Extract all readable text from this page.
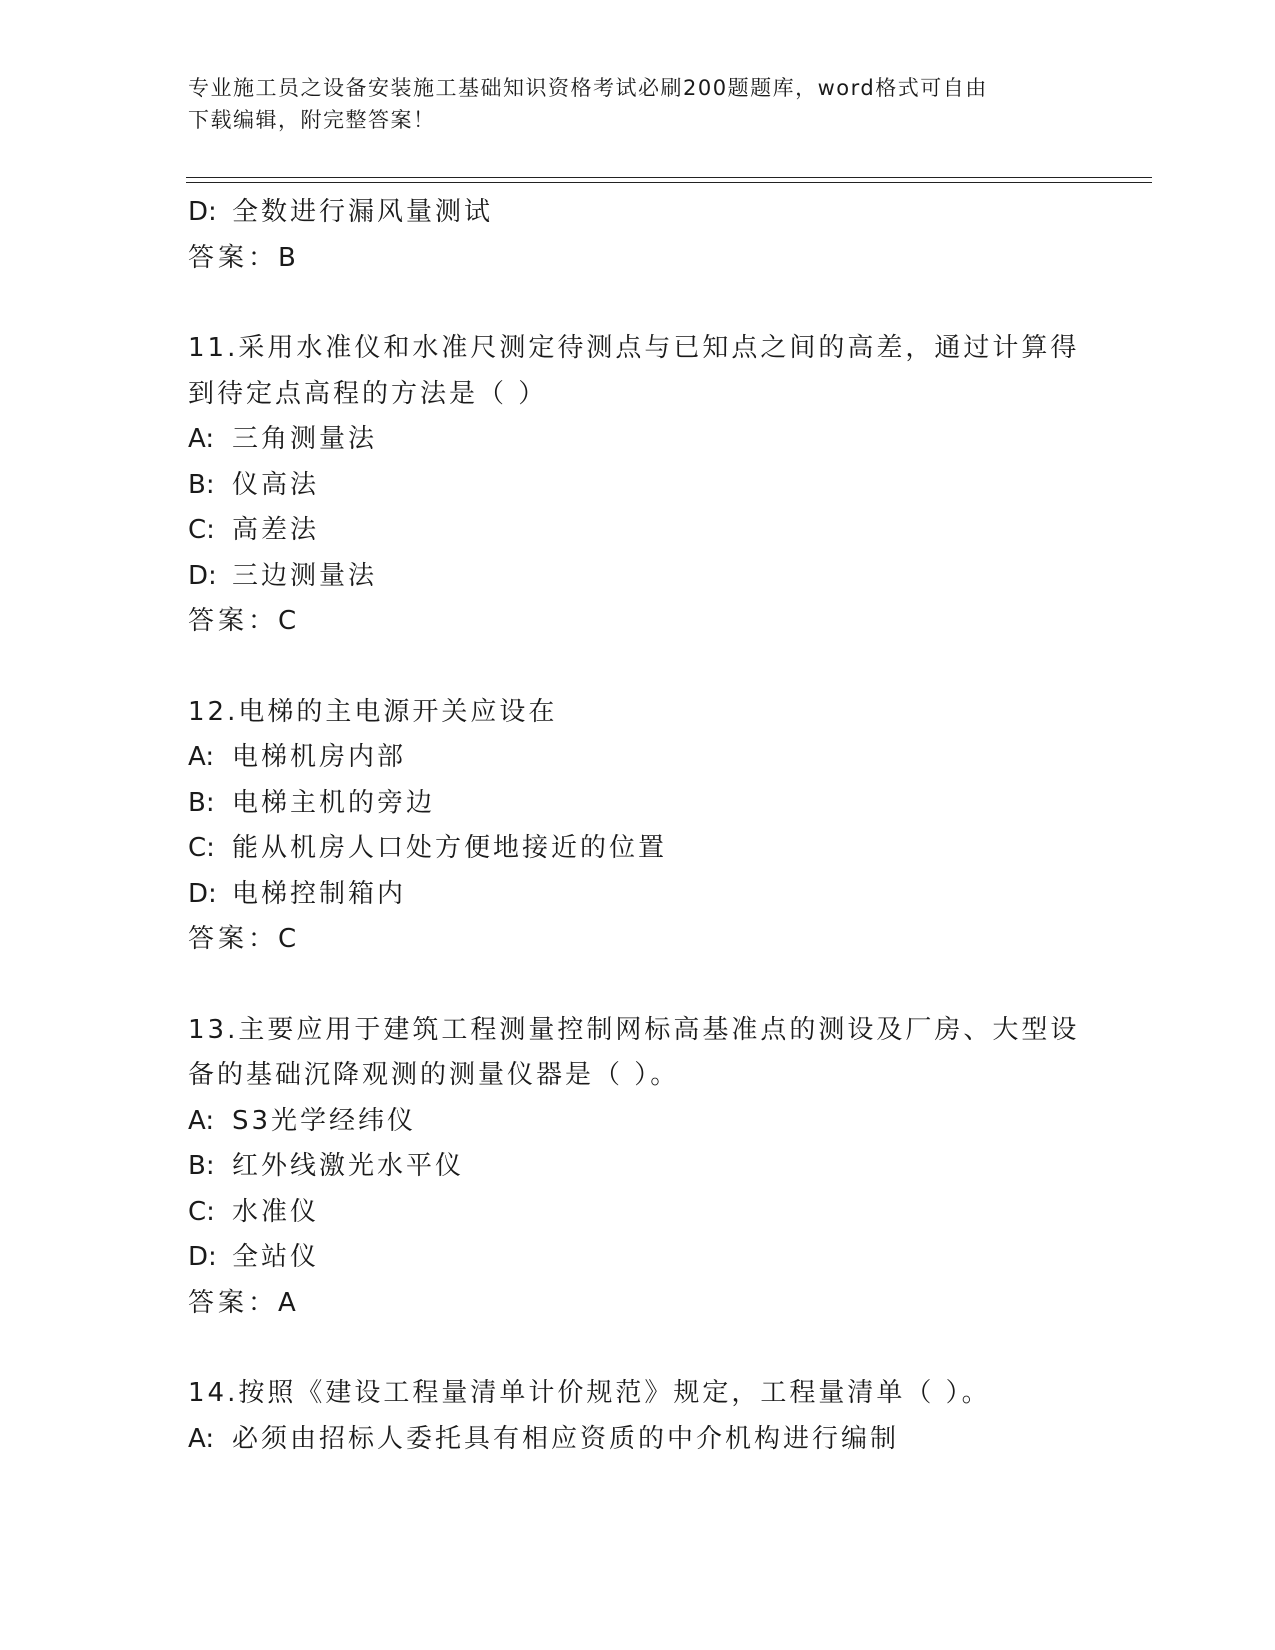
专业施工员之设备安装施工基础知识资格考试必刷200题题库，word格式可自由
下载编辑，附完整答案！
D: 全数进行漏风量测试
答案：B
11.采用水准仪和水准尺测定待测点与已知点之间的高差，通过计算得
到待定点高程的方法是（ ）
A: 三角测量法
B: 仪高法
C: 高差法
D: 三边测量法
答案：C
12.电梯的主电源开关应设在
A: 电梯机房内部
B: 电梯主机的旁边
C: 能从机房人口处方便地接近的位置
D: 电梯控制箱内
答案：C
13.主要应用于建筑工程测量控制网标高基准点的测设及厂房、大型设
备的基础沉降观测的测量仪器是（ ）。
A: S3光学经纬仪
B: 红外线激光水平仪
C: 水准仪
D: 全站仪
答案：A
14.按照《建设工程量清单计价规范》规定，工程量清单（ ）。
A: 必须由招标人委托具有相应资质的中介机构进行编制
